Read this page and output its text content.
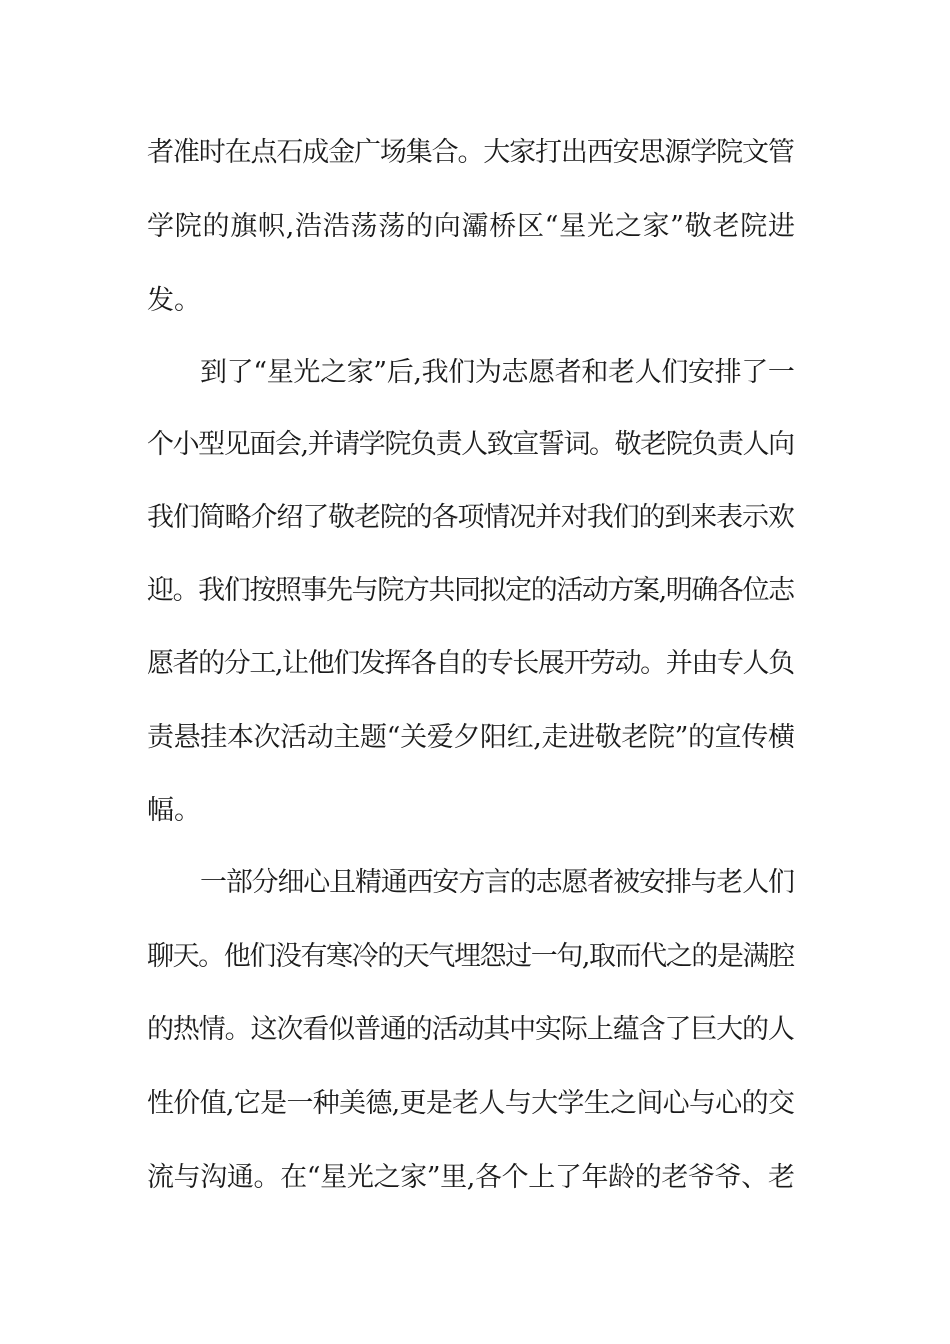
者准时在点石成金广场集合。大家打出西安思源学院文管
学院的旗帜,浩浩荡荡的向灞桥区“星光之家”敬老院进
发。
到了“星光之家”后,我们为志愿者和老人们安排了一
个小型见面会,并请学院负责人致宣誓词。敬老院负责人向
我们简略介绍了敬老院的各项情况并对我们的到来表示欢
迎。我们按照事先与院方共同拟定的活动方案,明确各位志
愿者的分工,让他们发挥各自的专长展开劳动。并由专人负
责悬挂本次活动主题“关爱夕阳红,走进敬老院”的宣传横
幅。
一部分细心且精通西安方言的志愿者被安排与老人们
聊天。他们没有寒冷的天气埋怨过一句,取而代之的是满腔
的热情。这次看似普通的活动其中实际上蕴含了巨大的人
性价值,它是一种美德,更是老人与大学生之间心与心的交
流与沟通。在“星光之家”里,各个上了年龄的老爷爷、老
